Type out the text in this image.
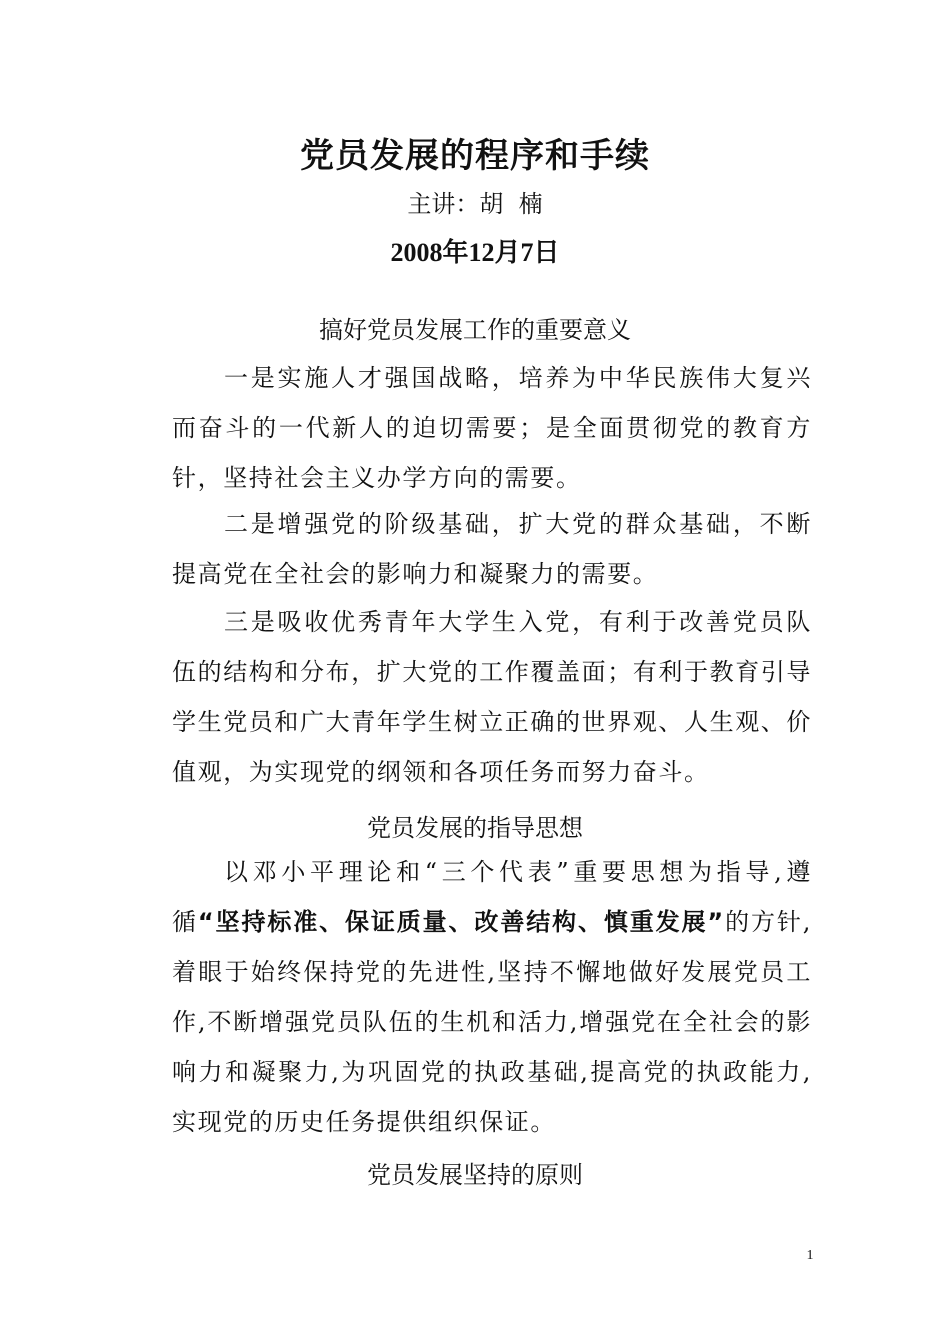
党员发展的程序和手续
主讲：胡  楠
2008年12月7日
搞好党员发展工作的重要意义
一是实施人才强国战略，培养为中华民族伟大复兴而奋斗的一代新人的迫切需要；是全面贯彻党的教育方针，坚持社会主义办学方向的需要。
二是增强党的阶级基础，扩大党的群众基础，不断提高党在全社会的影响力和凝聚力的需要。
三是吸收优秀青年大学生入党，有利于改善党员队伍的结构和分布，扩大党的工作覆盖面；有利于教育引导学生党员和广大青年学生树立正确的世界观、人生观、价值观，为实现党的纲领和各项任务而努力奋斗。
党员发展的指导思想
以邓小平理论和“三个代表”重要思想为指导,遵循“坚持标准、保证质量、改善结构、慎重发展”的方针,着眼于始终保持党的先进性,坚持不懈地做好发展党员工作,不断增强党员队伍的生机和活力,增强党在全社会的影响力和凝聚力,为巩固党的执政基础,提高党的执政能力,实现党的历史任务提供组织保证。
党员发展坚持的原则
1
